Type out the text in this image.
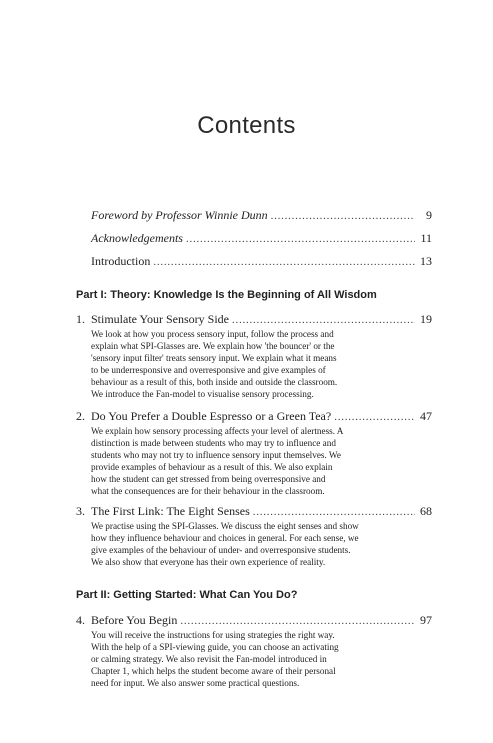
Contents
Foreword by Professor Winnie Dunn . . .	9
Acknowledgements . . .	11
Introduction . . .	13
Part I: Theory: Knowledge Is the Beginning of All Wisdom
1. Stimulate Your Sensory Side . . .	19
We look at how you process sensory input, follow the process and
explain what SPI-Glasses are. We explain how 'the bouncer' or the
'sensory input filter' treats sensory input. We explain what it means
to be underresponsive and overresponsive and give examples of
behaviour as a result of this, both inside and outside the classroom.
We introduce the Fan-model to visualise sensory processing.
2. Do You Prefer a Double Espresso or a Green Tea? . . .	47
We explain how sensory processing affects your level of alertness. A
distinction is made between students who may try to influence and
students who may not try to influence sensory input themselves. We
provide examples of behaviour as a result of this. We also explain
how the student can get stressed from being overresponsive and
what the consequences are for their behaviour in the classroom.
3. The First Link: The Eight Senses . . .	68
We practise using the SPI-Glasses. We discuss the eight senses and show
how they influence behaviour and choices in general. For each sense, we
give examples of the behaviour of under- and overresponsive students.
We also show that everyone has their own experience of reality.
Part II: Getting Started: What Can You Do?
4. Before You Begin . . .	97
You will receive the instructions for using strategies the right way.
With the help of a SPI-viewing guide, you can choose an activating
or calming strategy. We also revisit the Fan-model introduced in
Chapter 1, which helps the student become aware of their personal
need for input. We also answer some practical questions.
